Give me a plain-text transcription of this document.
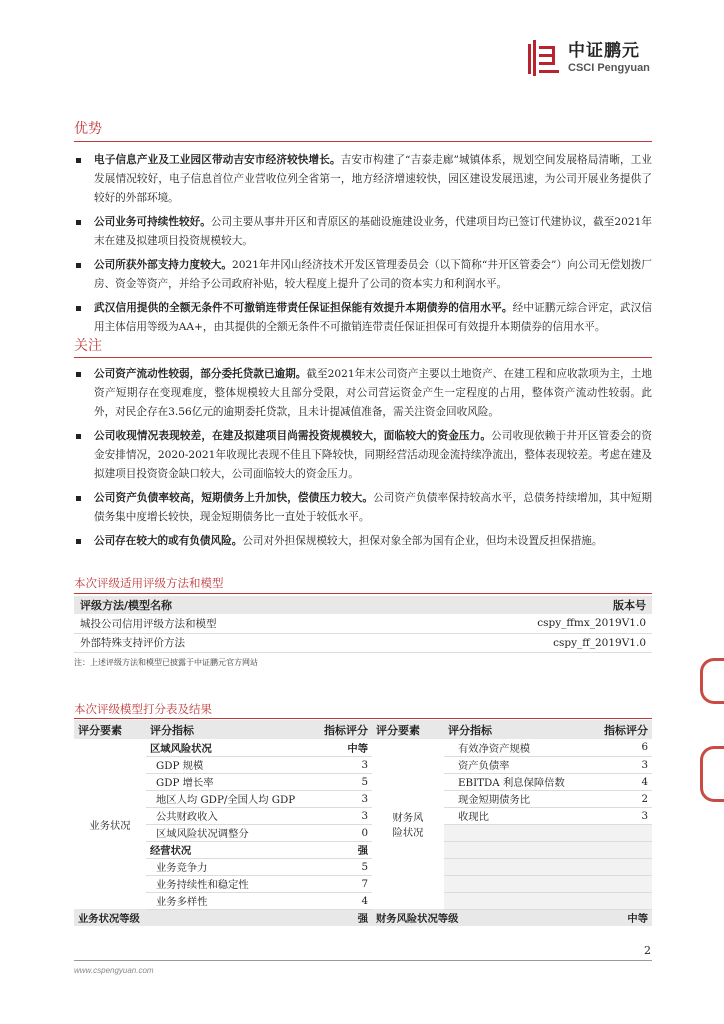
中证鹏元
CSCI Pengyuan
优势
电子信息产业及工业园区带动吉安市经济较快增长。吉安市构建了“吉泰走廊”城镇体系，规划空间发展格局清晰，工业发展情况较好，电子信息首位产业营收位列全省第一，地方经济增速较快，园区建设发展迅速，为公司开展业务提供了较好的外部环境。
公司业务可持续性较好。公司主要从事井开区和青原区的基础设施建设业务，代建项目均已签订代建协议，截至2021年末在建及拟建项目投资规模较大。
公司所获外部支持力度较大。2021年井冈山经济技术开发区管理委员会（以下简称“井开区管委会”）向公司无偿划拨厂房、资金等资产，并给予公司政府补贴，较大程度上提升了公司的资本实力和利润水平。
武汉信用提供的全额无条件不可撤销连带责任保证担保能有效提升本期债券的信用水平。经中证鹏元综合评定，武汉信用主体信用等级为AA+，由其提供的全额无条件不可撤销连带责任保证担保可有效提升本期债券的信用水平。
关注
公司资产流动性较弱，部分委托贷款已逾期。截至2021年末公司资产主要以土地资产、在建工程和应收款项为主，土地资产短期存在变现难度，整体规模较大且部分受限，对公司营运资金产生一定程度的占用，整体资产流动性较弱。此外，对民企存在3.56亿元的逾期委托贷款，且未计提减值准备，需关注资金回收风险。
公司收现情况表现较差，在建及拟建项目尚需投资规模较大，面临较大的资金压力。公司收现依赖于井开区管委会的资金安排情况，2020-2021年收现比表现不佳且下降较快，同期经营活动现金流持续净流出，整体表现较差。考虑在建及拟建项目投资资金缺口较大，公司面临较大的资金压力。
公司资产负债率较高，短期债务上升加快，偿债压力较大。公司资产负债率保持较高水平，总债务持续增加，其中短期债务集中度增长较快，现金短期债务比一直处于较低水平。
公司存在较大的或有负债风险。公司对外担保规模较大，担保对象全部为国有企业，但均未设置反担保措施。
本次评级适用评级方法和模型
评级方法/模型名称	版本号
城投公司信用评级方法和模型	cspy_ffmx_2019V1.0
外部特殊支持评价方法	cspy_ff_2019V1.0
注：上述评级方法和模型已披露于中证鹏元官方网站
本次评级模型打分表及结果
评分要素	评分指标	指标评分	评分要素	评分指标	指标评分
业务状况	区域风险状况	中等	财务风险状况	有效净资产规模	6
	GDP 规模	3		资产负债率	3
	GDP 增长率	5		EBITDA 利息保障倍数	4
	地区人均 GDP/全国人均 GDP	3		现金短期债务比	2
	公共财政收入	3		收现比	3
	区域风险状况调整分	0			
	经营状况	强			
	业务竞争力	5			
	业务持续性和稳定性	7			
	业务多样性	4			
业务状况等级		强	财务风险状况等级		中等
2
www.cspengyuan.com
